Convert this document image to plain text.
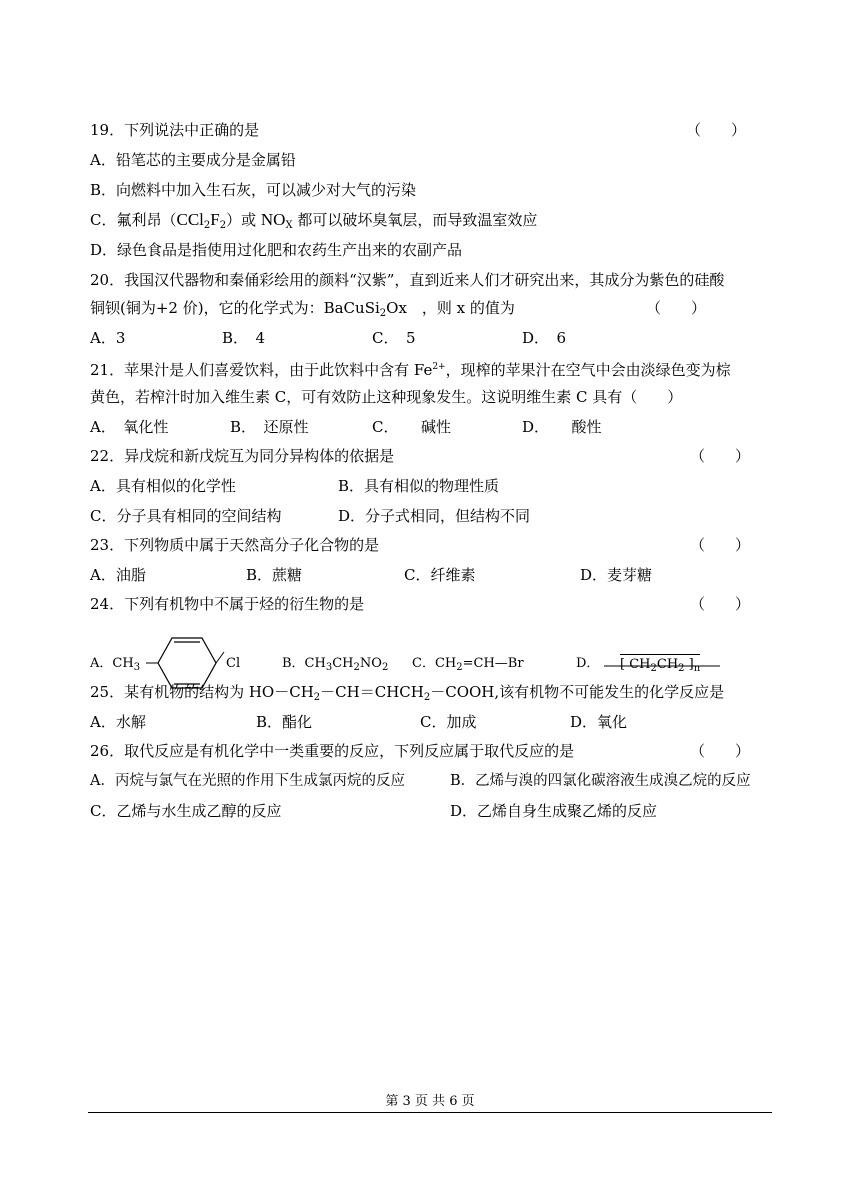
19．下列说法中正确的是	（　　）
A．铅笔芯的主要成分是金属铅
B．向燃料中加入生石灰，可以减少对大气的污染
C．氟利昂$(CCl_2F_2)$或 $NO_X$ 都可以破坏臭氧层，而导致温室效应
D．绿色食品是指使用过化肥和农药生产出来的农副产品
20．我国汉代器物和秦俑彩绘用的颜料“汉紫”，直到近来人们才研究出来，其成分为紫色的硅酸
铜钡(铜为+2 价)，它的化学式为：BaCuSi$_2$Ox　，则 x 的值为	（　　）
A．3	B．　4	C．　5	D．　6
21．苹果汁是人们喜爱饮料，由于此饮料中含有 $Fe^{2+}$，现榨的苹果汁在空气中会由淡绿色变为棕
黄色，若榨汁时加入维生素 C，可有效防止这种现象发生。这说明维生素 C 具有（　　）
A．　氧化性	B．　还原性	C．　　碱性	D．　　酸性
22．异戊烷和新戊烷互为同分异构体的依据是	（　　）
A．具有相似的化学性	B．具有相似的物理性质
C．分子具有相同的空间结构	D．分子式相同，但结构不同
23．下列物质中属于天然高分子化合物的是	（　　）
A．油脂	B．蔗糖	C．纤维素	D．麦芽糖
24．下列有机物中不属于烃的衍生物的是	（　　）
A．$CH_3$	Cl	B．$CH_3CH_2NO_2$ C．$CH_2=CH—Br$	D． [ $CH_2CH_2$ ]$_n$
25．某有机物的结构为 $HO-CH_2-CH=CHCH_2-COOH$,该有机物不可能发生的化学反应是
A．水解	B．酯化	C．加成	D．氧化
26．取代反应是有机化学中一类重要的反应，下列反应属于取代反应的是	（　　）
A．丙烷与氯气在光照的作用下生成氯丙烷的反应	B．乙烯与溴的四氯化碳溶液生成溴乙烷的反应
C．乙烯与水生成乙醇的反应	D．乙烯自身生成聚乙烯的反应
第 3 页 共 6 页
